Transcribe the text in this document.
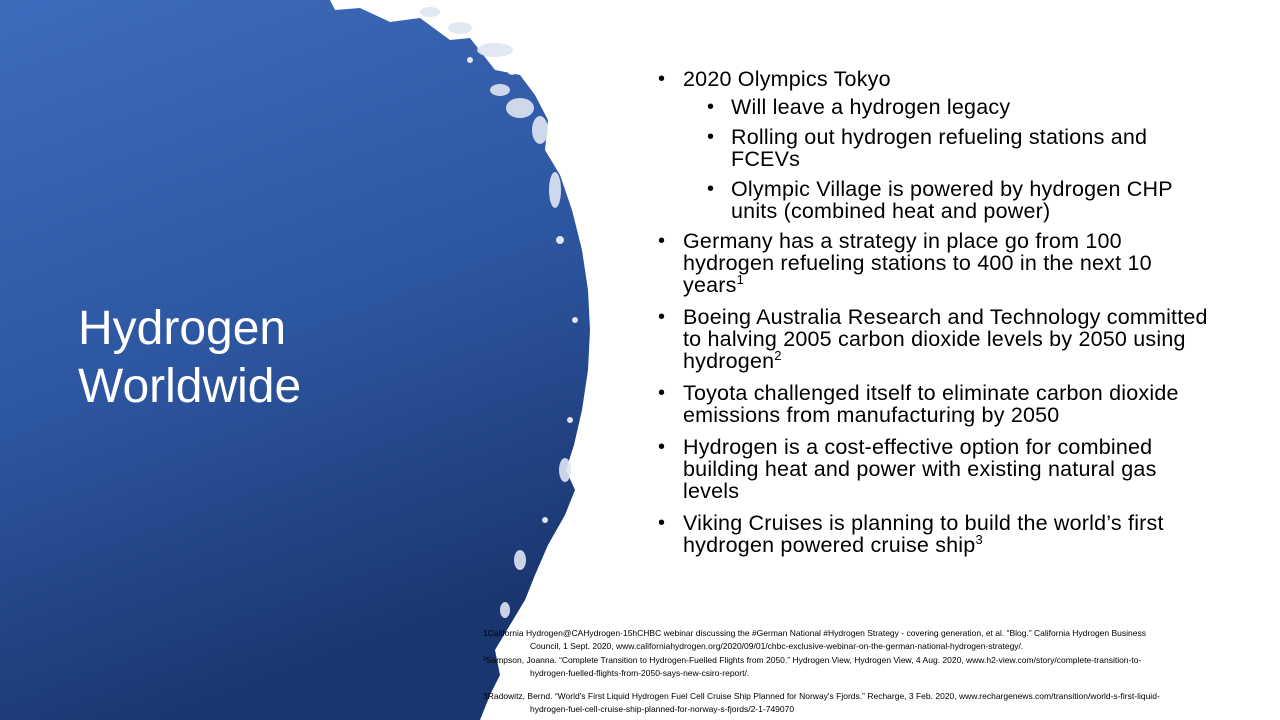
Hydrogen
Worldwide
• 2020 Olympics Tokyo
• Will leave a hydrogen legacy
• Rolling out hydrogen refueling stations and FCEVs
• Olympic Village is powered by hydrogen CHP units (combined heat and power)
• Germany has a strategy in place go from 100 hydrogen refueling stations to 400 in the next 10 years$^1$
• Boeing Australia Research and Technology committed to halving 2005 carbon dioxide levels by 2050 using hydrogen$^2$
• Toyota challenged itself to eliminate carbon dioxide emissions from manufacturing by 2050
• Hydrogen is a cost-effective option for combined building heat and power with existing natural gas levels
• Viking Cruises is planning to build the world’s first hydrogen powered cruise ship$^3$
1California Hydrogen@CAHydrogen·15hCHBC webinar discussing the #German National #Hydrogen Strategy - covering generation, et al. “Blog.” California Hydrogen Business
Council, 1 Sept. 2020, www.californiahydrogen.org/2020/09/01/chbc-exclusive-webinar-on-the-german-national-hydrogen-strategy/.
²Sampson, Joanna. “Complete Transition to Hydrogen-Fuelled Flights from 2050.” Hydrogen View, Hydrogen View, 4 Aug. 2020, www.h2-view.com/story/complete-transition-to-
hydrogen-fuelled-flights-from-2050-says-new-csiro-report/.
3Radowitz, Bernd. “World's First Liquid Hydrogen Fuel Cell Cruise Ship Planned for Norway's Fjords.” Recharge, 3 Feb. 2020, www.rechargenews.com/transition/world-s-first-liquid-
hydrogen-fuel-cell-cruise-ship-planned-for-norway-s-fjords/2-1-749070
